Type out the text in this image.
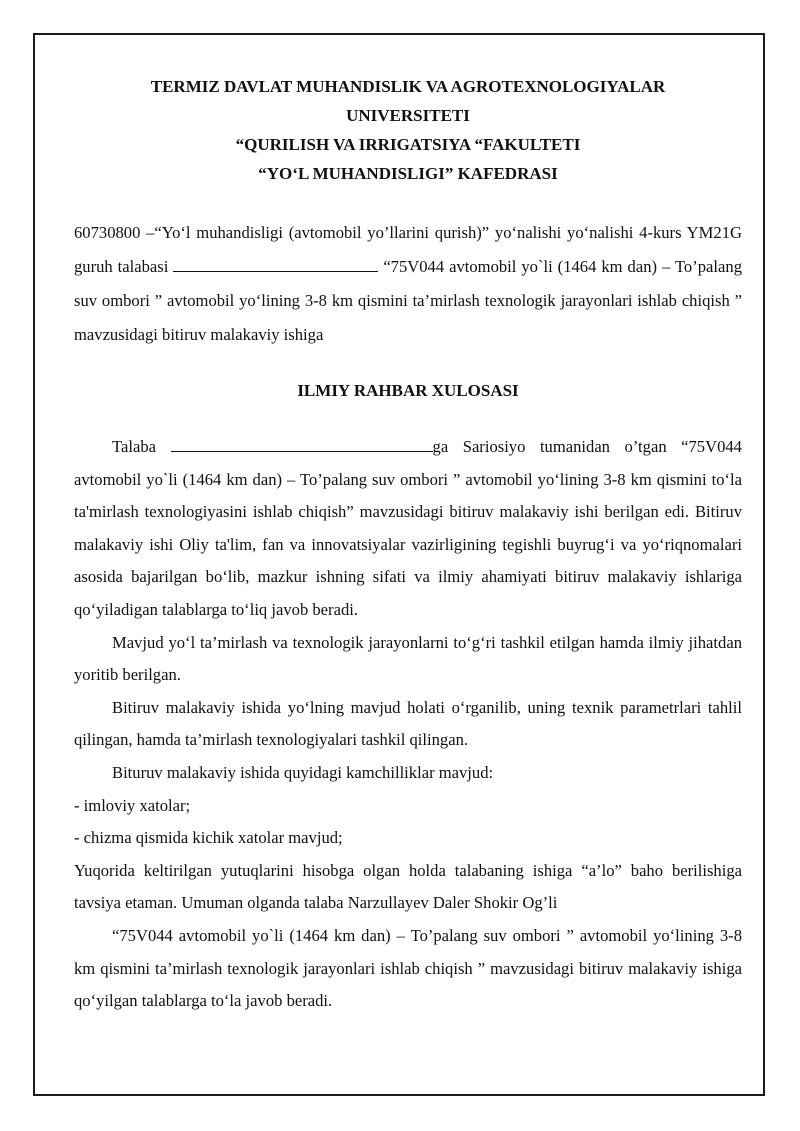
TERMIZ DAVLAT MUHANDISLIK VA AGROTEXNOLOGIYALAR
UNIVERSITETI
“QURILISH VA IRRIGATSIYA “FAKULTETI
“YO‘L MUHANDISLIGI” KAFEDRASI

60730800 –“Yo‘l muhandisligi (avtomobil yo’llarini qurish)” yo‘nalishi yo‘nalishi 4-kurs YM21G guruh talabasi	“75V044 avtomobil yo`li (1464 km dan) – To’palang suv ombori ” avtomobil yo‘lining 3-8 km qismini ta’mirlash texnologik jarayonlari ishlab chiqish ” mavzusidagi bitiruv malakaviy ishiga

ILMIY RAHBAR XULOSASI

Talaba	ga Sariosiyo tumanidan o’tgan “75V044 avtomobil yo`li (1464 km dan) – To’palang suv ombori ” avtomobil yo‘lining 3-8 km qismini to‘la ta'mirlash texnologiyasini ishlab chiqish” mavzusidagi bitiruv malakaviy ishi berilgan edi. Bitiruv malakaviy ishi Oliy ta'lim, fan va innovatsiyalar vazirligining tegishli buyrug‘i va yo‘riqnomalari asosida bajarilgan bo‘lib, mazkur ishning sifati va ilmiy ahamiyati bitiruv malakaviy ishlariga qo‘yiladigan talablarga to‘liq javob beradi.

Mavjud yo‘l ta’mirlash va texnologik jarayonlarni to‘g‘ri tashkil etilgan hamda ilmiy jihatdan yoritib berilgan.

Bitiruv malakaviy ishida yo‘lning mavjud holati o‘rganilib, uning texnik parametrlari tahlil qilingan, hamda ta’mirlash texnologiyalari tashkil qilingan.

Bituruv malakaviy ishida quyidagi kamchilliklar mavjud:

- imloviy xatolar;

- chizma qismida kichik xatolar mavjud;

Yuqorida keltirilgan yutuqlarini hisobga olgan holda talabaning ishiga “a’lo” baho berilishiga tavsiya etaman. Umuman olganda talaba Narzullayev Daler Shokir Og’li

“75V044 avtomobil yo`li (1464 km dan) – To’palang suv ombori ” avtomobil yo‘lining 3-8 km qismini ta’mirlash texnologik jarayonlari ishlab chiqish ” mavzusidagi bitiruv malakaviy ishiga qo‘yilgan talablarga to‘la javob beradi.
